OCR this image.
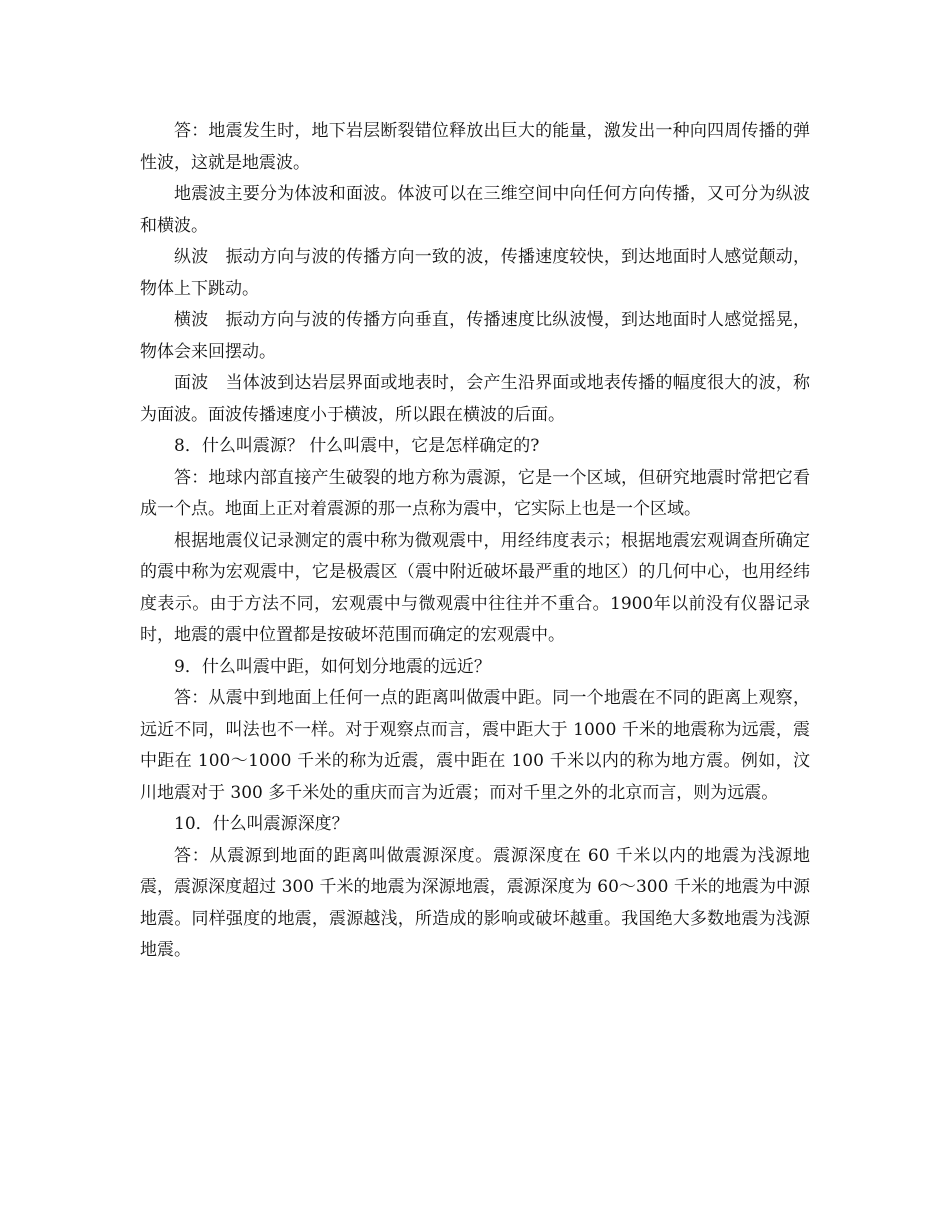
答：地震发生时，地下岩层断裂错位释放出巨大的能量，激发出一种向四周传播的弹性波，这就是地震波。

地震波主要分为体波和面波。体波可以在三维空间中向任何方向传播，又可分为纵波和横波。

纵波　振动方向与波的传播方向一致的波，传播速度较快，到达地面时人感觉颠动，物体上下跳动。

横波　振动方向与波的传播方向垂直，传播速度比纵波慢，到达地面时人感觉摇晃，物体会来回摆动。

面波　当体波到达岩层界面或地表时，会产生沿界面或地表传播的幅度很大的波，称为面波。面波传播速度小于横波，所以跟在横波的后面。

8．什么叫震源？ 什么叫震中，它是怎样确定的?

答：地球内部直接产生破裂的地方称为震源，它是一个区域，但研究地震时常把它看成一个点。地面上正对着震源的那一点称为震中，它实际上也是一个区域。

根据地震仪记录测定的震中称为微观震中，用经纬度表示；根据地震宏观调查所确定的震中称为宏观震中，它是极震区（震中附近破坏最严重的地区）的几何中心，也用经纬度表示。由于方法不同，宏观震中与微观震中往往并不重合。1900年以前没有仪器记录时，地震的震中位置都是按破坏范围而确定的宏观震中。

9．什么叫震中距，如何划分地震的远近？

答：从震中到地面上任何一点的距离叫做震中距。同一个地震在不同的距离上观察，远近不同，叫法也不一样。对于观察点而言，震中距大于 1000 千米的地震称为远震，震中距在 100～1000 千米的称为近震，震中距在 100 千米以内的称为地方震。例如，汶川地震对于 300 多千米处的重庆而言为近震；而对千里之外的北京而言，则为远震。

10．什么叫震源深度？

答：从震源到地面的距离叫做震源深度。震源深度在 60 千米以内的地震为浅源地震，震源深度超过 300 千米的地震为深源地震，震源深度为 60～300 千米的地震为中源地震。同样强度的地震，震源越浅，所造成的影响或破坏越重。我国绝大多数地震为浅源地震。
